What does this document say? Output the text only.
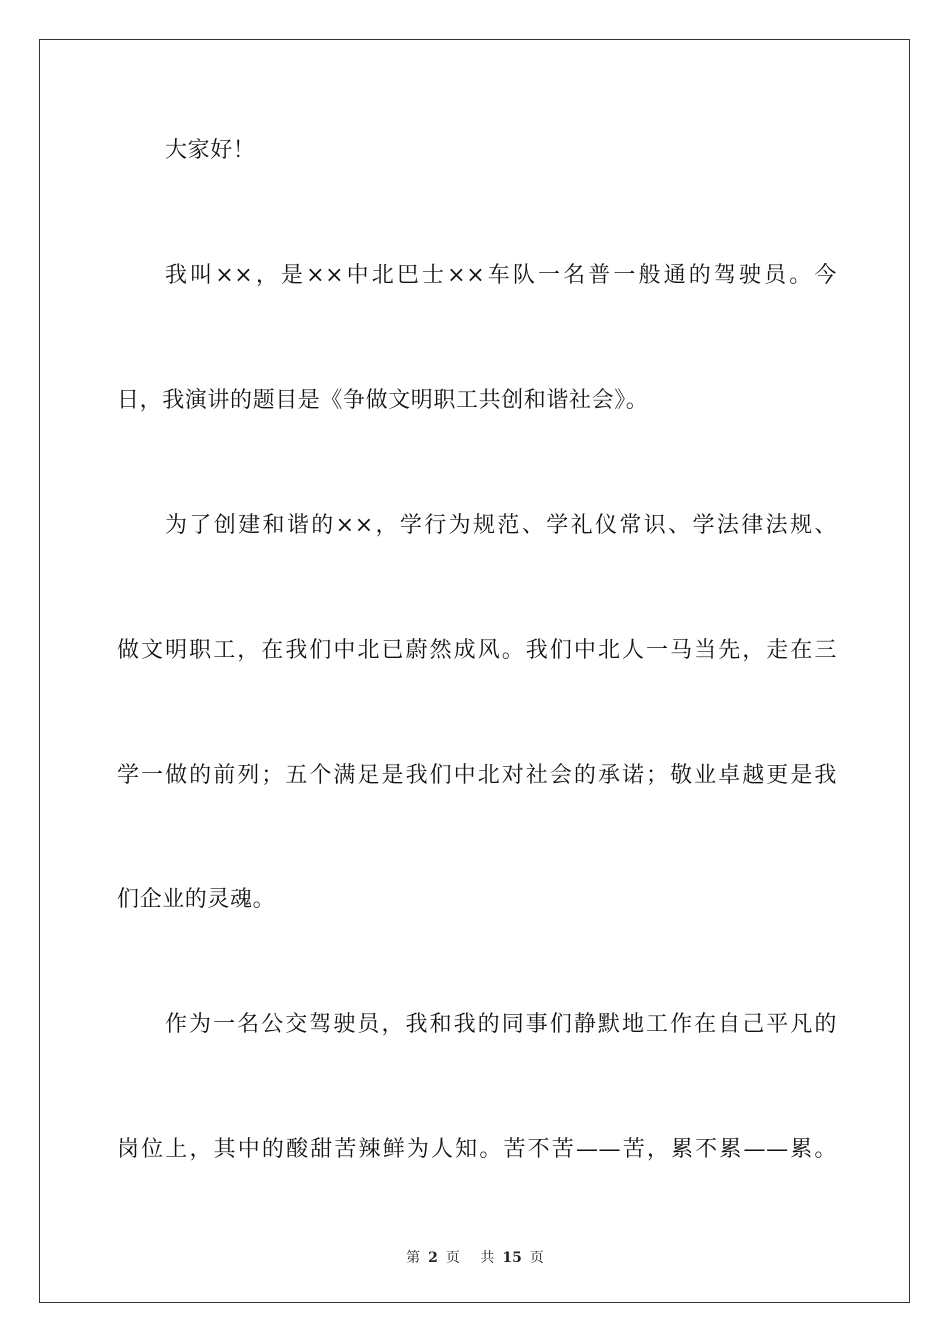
大家好！
我叫××，是××中北巴士××车队一名普一般通的驾驶员。今
日，我演讲的题目是《争做文明职工共创和谐社会》。
为了创建和谐的××，学行为规范、学礼仪常识、学法律法规、
做文明职工，在我们中北已蔚然成风。我们中北人一马当先，走在三
学一做的前列；五个满足是我们中北对社会的承诺；敬业卓越更是我
们企业的灵魂。
作为一名公交驾驶员，我和我的同事们静默地工作在自己平凡的
岗位上，其中的酸甜苦辣鲜为人知。苦不苦——苦，累不累——累。
第 2 页 共 15 页
